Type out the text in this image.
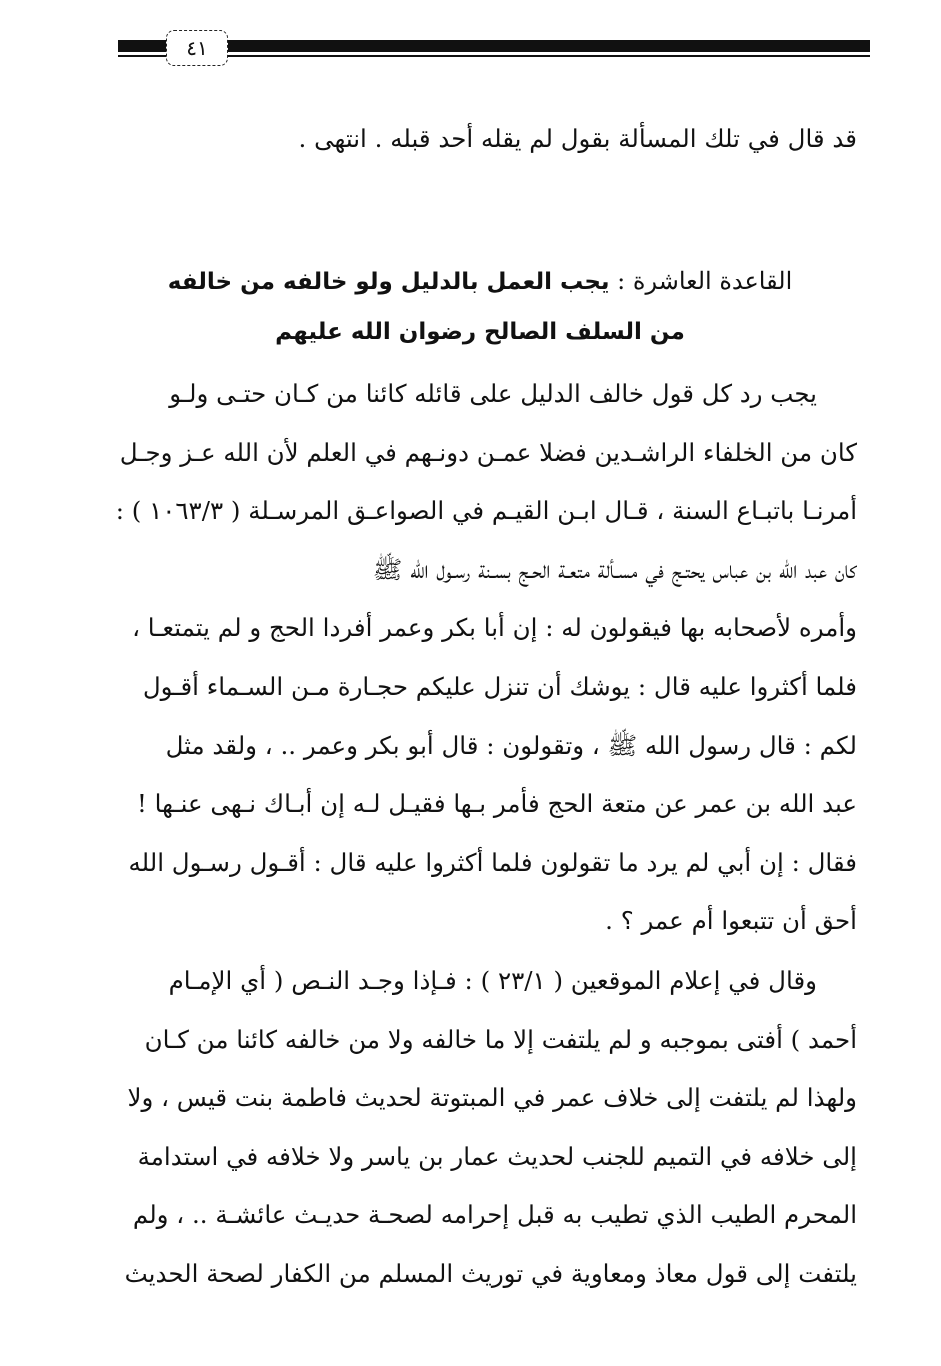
٤١
قد قال في تلك المسألة بقول لم يقله أحد قبله . انتهى .
القاعدة العاشرة : يجب العمل بالدليل ولو خالفه من خالفه
من السلف الصالح رضوان الله عليهم
يجب رد كل قول خالف الدليل على قائله كائنا من كـان حتـى ولـو
كان من الخلفاء الراشـدين فضلا عمـن دونـهم في العلم لأن الله عـز وجـل
أمرنـا باتبـاع السنة ، قـال ابـن القيـم في الصواعـق المرسـلة ( ١٠٦٣/٣ ) :
كان عبد الله بن عباس يحتـج في مسـألة متعـة الحـج بسـنة رسـول الله ﷺ
وأمره لأصحابه بها فيقولون له : إن أبا بكر وعمر أفردا الحج و لم يتمتعـا ،
فلما أكثروا عليه قال : يوشك أن تنزل عليكم حجـارة مـن السـماء أقـول
لكم : قال رسول الله ﷺ ، وتقولون : قال أبو بكر وعمر .. ، ولقد مثل
عبد الله بن عمر عن متعة الحج فأمر بـها فقيـل لـه إن أبـاك نـهى عنـها !
فقال : إن أبي لم يرد ما تقولون فلما أكثروا عليه قال : أقـول رسـول الله
أحق أن تتبعوا أم عمر ؟ .
وقال في إعلام الموقعين ( ٢٣/١ ) : فـإذا وجـد النـص ( أي الإمـام
أحمد ) أفتى بموجبه و لم يلتفت إلا ما خالفه ولا من خالفه كائنا من كـان
ولهذا لم يلتفت إلى خلاف عمر في المبتوتة لحديث فاطمة بنت قيس ، ولا
إلى خلافه في التميم للجنب لحديث عمار بن ياسر ولا خلافه في استدامة
المحرم الطيب الذي تطيب به قبل إحرامه لصحـة حديـث عائشـة .. ، ولم
يلتفت إلى قول معاذ ومعاوية في توريث المسلم من الكفار لصحة الحديث
